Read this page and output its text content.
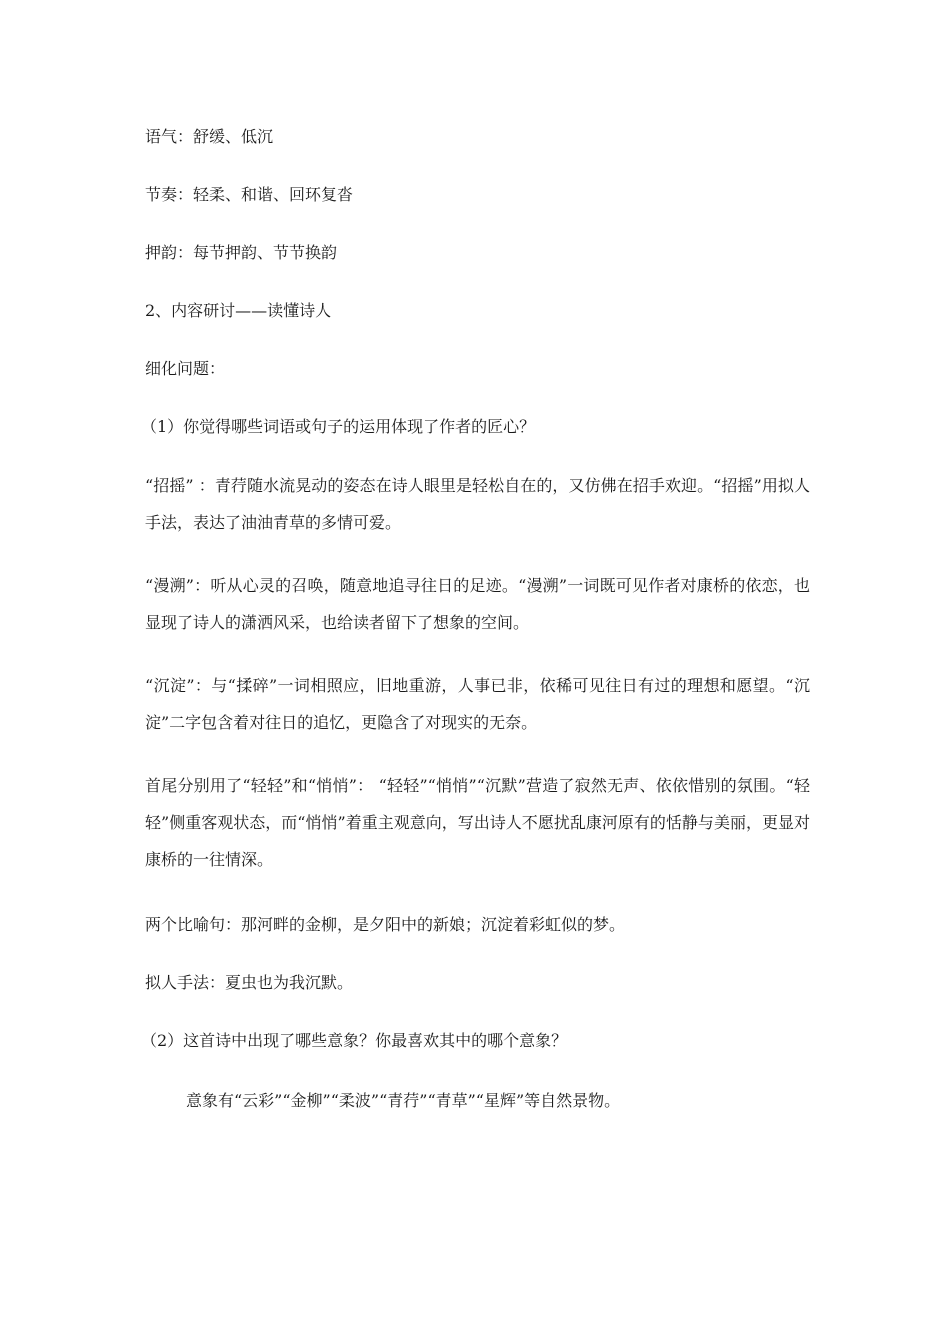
语气：舒缓、低沉

节奏：轻柔、和谐、回环复沓

押韵：每节押韵、节节换韵

2、内容研讨——读懂诗人

细化问题：

（1）你觉得哪些词语或句子的运用体现了作者的匠心？

“招摇” ：青荇随水流晃动的姿态在诗人眼里是轻松自在的，又仿佛在招手欢迎。“招摇”用拟人手法，表达了油油青草的多情可爱。

“漫溯”：听从心灵的召唤，随意地追寻往日的足迹。“漫溯”一词既可见作者对康桥的依恋，也显现了诗人的潇洒风采，也给读者留下了想象的空间。

“沉淀”：与“揉碎”一词相照应，旧地重游，人事已非，依稀可见往日有过的理想和愿望。“沉淀”二字包含着对往日的追忆，更隐含了对现实的无奈。

首尾分别用了“轻轻”和“悄悄”： “轻轻”“悄悄”“沉默”营造了寂然无声、依依惜别的氛围。“轻轻”侧重客观状态，而“悄悄”着重主观意向，写出诗人不愿扰乱康河原有的恬静与美丽，更显对康桥的一往情深。

两个比喻句：那河畔的金柳，是夕阳中的新娘；沉淀着彩虹似的梦。

拟人手法：夏虫也为我沉默。

（2）这首诗中出现了哪些意象？你最喜欢其中的哪个意象？

意象有“云彩”“金柳”“柔波”“青荇”“青草”“星辉”等自然景物。
